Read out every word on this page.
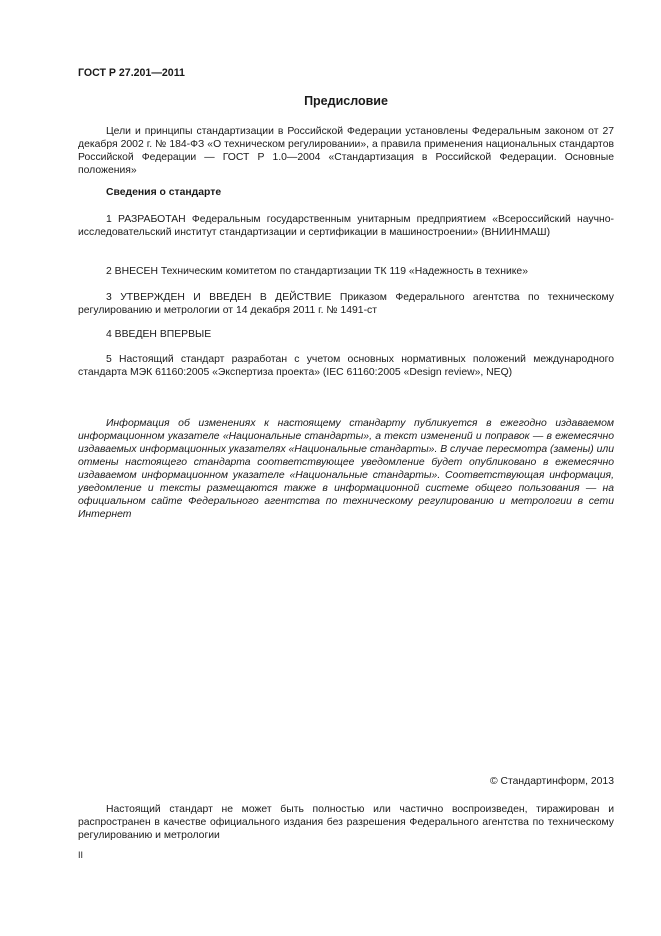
ГОСТ Р 27.201—2011
Предисловие

Цели и принципы стандартизации в Российской Федерации установлены Федеральным законом от 27 декабря 2002 г. № 184-ФЗ «О техническом регулировании», а правила применения национальных стандартов Российской Федерации — ГОСТ Р 1.0—2004 «Стандартизация в Российской Федерации. Основные положения»

Сведения о стандарте

1 РАЗРАБОТАН Федеральным государственным унитарным предприятием «Всероссийский научно-исследовательский институт стандартизации и сертификации в машиностроении» (ВНИИНМАШ)

2 ВНЕСЕН Техническим комитетом по стандартизации ТК 119 «Надежность в технике»

3 УТВЕРЖДЕН И ВВЕДЕН В ДЕЙСТВИЕ Приказом Федерального агентства по техническому регулированию и метрологии от 14 декабря 2011 г. № 1491-ст

4 ВВЕДЕН ВПЕРВЫЕ

5 Настоящий стандарт разработан с учетом основных нормативных положений международного стандарта МЭК 61160:2005 «Экспертиза проекта» (IEC 61160:2005 «Design review», NEQ)

Информация об изменениях к настоящему стандарту публикуется в ежегодно издаваемом информационном указателе «Национальные стандарты», а текст изменений и поправок — в ежемесячно издаваемых информационных указателях «Национальные стандарты». В случае пересмотра (замены) или отмены настоящего стандарта соответствующее уведомление будет опубликовано в ежемесячно издаваемом информационном указателе «Национальные стандарты». Соответствующая информация, уведомление и тексты размещаются также в информационной системе общего пользования — на официальном сайте Федерального агентства по техническому регулированию и метрологии в сети Интернет

© Стандартинформ, 2013

Настоящий стандарт не может быть полностью или частично воспроизведен, тиражирован и распространен в качестве официального издания без разрешения Федерального агентства по техническому регулированию и метрологии

II
